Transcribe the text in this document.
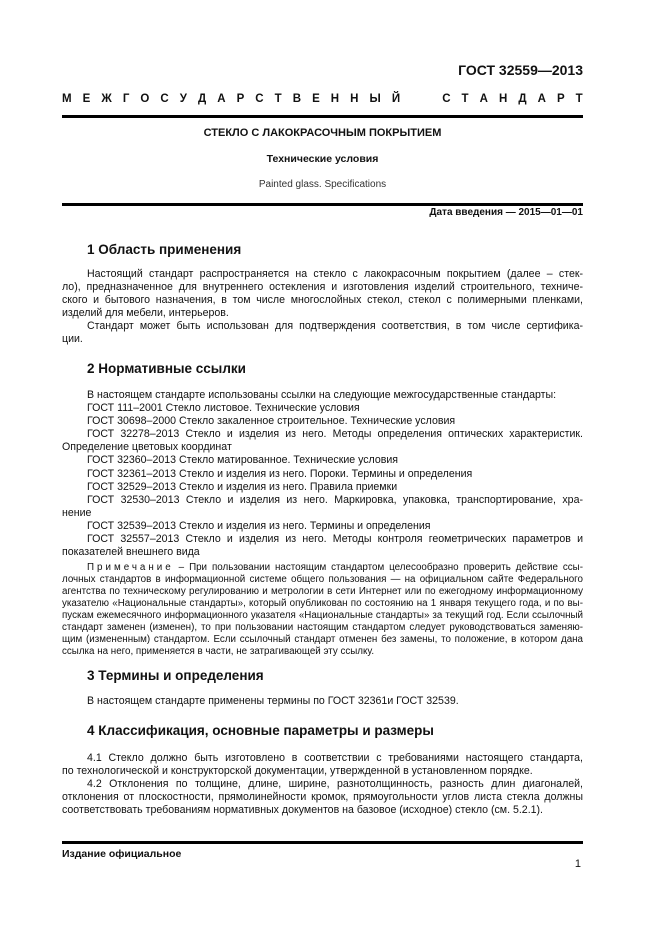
ГОСТ 32559—2013
М Е Ж Г О С У Д А Р С Т В Е Н Н Ы Й	С Т А Н Д А Р Т
СТЕКЛО С ЛАКОКРАСОЧНЫМ ПОКРЫТИЕМ
Технические условия
Painted glass. Specifications
Дата введения — 2015—01—01
1 Область применения
Настоящий стандарт распространяется на стекло с лакокрасочным покрытием (далее – стек-
ло), предназначенное для внутреннего остекления и изготовления изделий строительного, техниче-
ского и бытового назначения, в том числе многослойных стекол, стекол с полимерными пленками,
изделий для мебели, интерьеров.
Стандарт может быть использован для подтверждения соответствия, в том числе сертифика-
ции.
2 Нормативные ссылки
В настоящем стандарте использованы ссылки на следующие межгосударственные стандарты:
ГОСТ 111–2001 Стекло листовое. Технические условия
ГОСТ 30698–2000 Стекло закаленное строительное. Технические условия
ГОСТ 32278–2013 Стекло и изделия из него. Методы определения оптических характеристик.
Определение цветовых координат
ГОСТ 32360–2013 Стекло матированное. Технические условия
ГОСТ 32361–2013 Стекло и изделия из него. Пороки. Термины и определения
ГОСТ 32529–2013 Стекло и изделия из него. Правила приемки
ГОСТ 32530–2013 Стекло и изделия из него. Маркировка, упаковка, транспортирование, хра-
нение
ГОСТ 32539–2013 Стекло и изделия из него. Термины и определения
ГОСТ 32557–2013 Стекло и изделия из него. Методы контроля геометрических параметров и
показателей внешнего вида
Примечание – При пользовании настоящим стандартом целесообразно проверить действие ссы-
лочных стандартов в информационной системе общего пользования — на официальном сайте Федерального
агентства по техническому регулированию и метрологии в сети Интернет или по ежегодному информационному
указателю «Национальные стандарты», который опубликован по состоянию на 1 января текущего года, и по вы-
пускам ежемесячного информационного указателя «Национальные стандарты» за текущий год. Если ссылочный
стандарт заменен (изменен), то при пользовании настоящим стандартом следует руководствоваться заменяю-
щим (измененным) стандартом. Если ссылочный стандарт отменен без замены, то положение, в котором дана
ссылка на него, применяется в части, не затрагивающей эту ссылку.
3 Термины и определения
В настоящем стандарте применены термины по ГОСТ 32361и ГОСТ 32539.
4 Классификация, основные параметры и размеры
4.1 Стекло должно быть изготовлено в соответствии с требованиями настоящего стандарта,
по технологической и конструкторской документации, утвержденной в установленном порядке.
4.2 Отклонения по толщине, длине, ширине, разнотолщинность, разность длин диагоналей,
отклонения от плоскостности, прямолинейности кромок, прямоугольности углов листа стекла должны
соответствовать требованиям нормативных документов на базовое (исходное) стекло (см. 5.2.1).
Издание официальное
1
